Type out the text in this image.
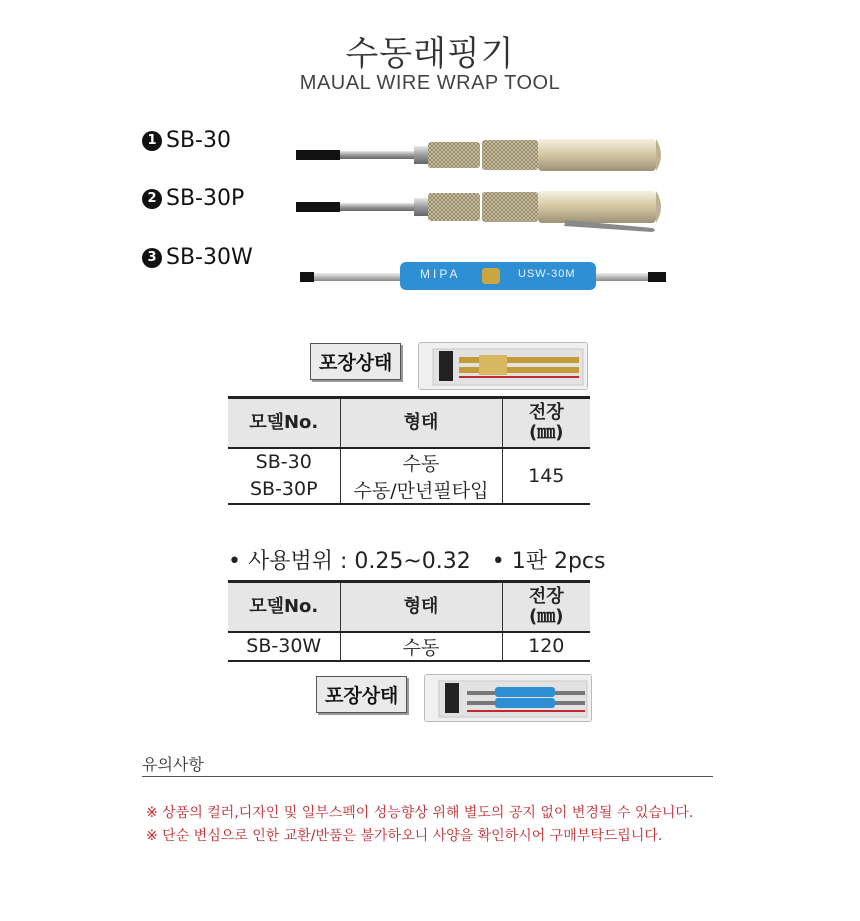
수동래핑기
MAUAL WIRE WRAP TOOL
1 SB-30
2 SB-30P
3 SB-30W
MIPA	USW-30M
포장상태
모델No.	형태	전장
(㎜)

SB-30	수동	145
SB-30P	수동/만년필타입	
• 사용범위 : 0.25~0.32   • 1판 2pcs
모델No.	형태	전장
(㎜)

SB-30W	수동	120
포장상태
유의사항
※ 상품의 컬러,디자인 및 일부스펙이 성능향상 위해 별도의 공지 없이 변경될 수 있습니다.
※ 단순 변심으로 인한 교환/반품은 불가하오니 사양을 확인하시어 구매부탁드립니다.
